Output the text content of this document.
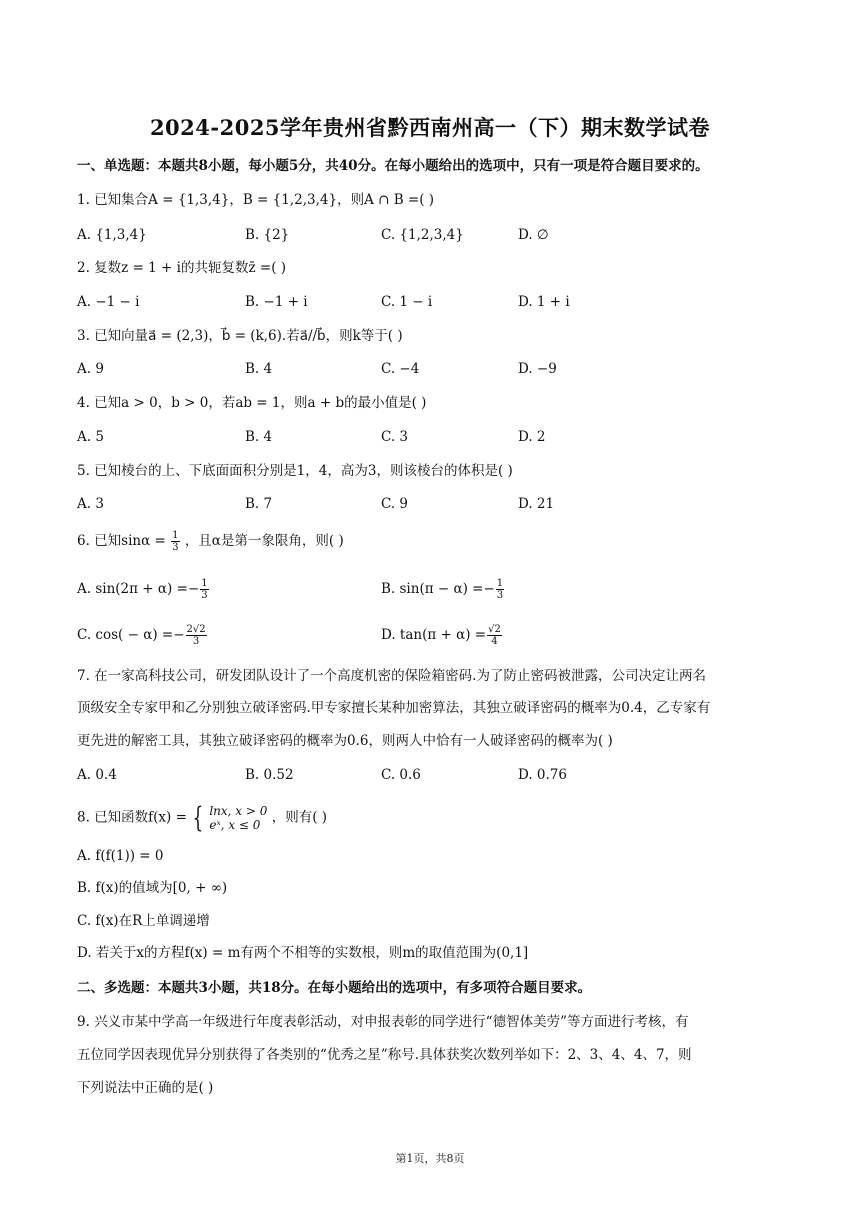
2024-2025学年贵州省黔西南州高一（下）期末数学试卷
一、单选题：本题共8小题，每小题5分，共40分。在每小题给出的选项中，只有一项是符合题目要求的。
1. 已知集合A = {1,3,4}，B = {1,2,3,4}，则A ∩ B =( )
A. {1,3,4}	B. {2}	C. {1,2,3,4}	D. ∅
2. 复数z = 1 + i的共轭复数z̄ =( )
A. −1 − i	B. −1 + i	C. 1 − i	D. 1 + i
3. 已知向量a⃗ = (2,3)，b⃗ = (k,6).若a⃗//b⃗，则k等于( )
A. 9	B. 4	C. −4	D. −9
4. 已知a > 0，b > 0，若ab = 1，则a + b的最小值是( )
A. 5	B. 4	C. 3	D. 2
5. 已知棱台的上、下底面面积分别是1，4，高为3，则该棱台的体积是( )
A. 3	B. 7	C. 9	D. 21
6. 已知$\sin\alpha = \frac{1}{3}$ ，且α是第一象限角，则( )
A. $\sin(2\pi + \alpha) =- \frac{1}{3}$	B. $\sin(\pi - \alpha) =- \frac{1}{3}$
C. $\cos( - \alpha) =- \frac{2√2}{3}$	D. $\tan(\pi + \alpha) = \frac{√2}{4}$
7. 在一家高科技公司，研发团队设计了一个高度机密的保险箱密码.为了防止密码被泄露，公司决定让两名
顶级安全专家甲和乙分别独立破译密码.甲专家擅长某种加密算法，其独立破译密码的概率为0.4，乙专家有
更先进的解密工具，其独立破译密码的概率为0.6，则两人中恰有一人破译密码的概率为( )
A. 0.4	B. 0.52	C. 0.6	D. 0.76
8. 已知函数f(x) = { lnx, x > 0
eˣ, x ≤ 0 ，则有( )
A. f(f(1)) = 0
B. f(x)的值域为[0, + ∞)
C. f(x)在R上单调递增
D. 若关于x的方程f(x) = m有两个不相等的实数根，则m的取值范围为(0,1]
二、多选题：本题共3小题，共18分。在每小题给出的选项中，有多项符合题目要求。
9. 兴义市某中学高一年级进行年度表彰活动，对申报表彰的同学进行“德智体美劳”等方面进行考核，有
五位同学因表现优异分别获得了各类别的“优秀之星”称号.具体获奖次数列举如下：2、3、4、4、7，则
下列说法中正确的是( )
第1页，共8页
